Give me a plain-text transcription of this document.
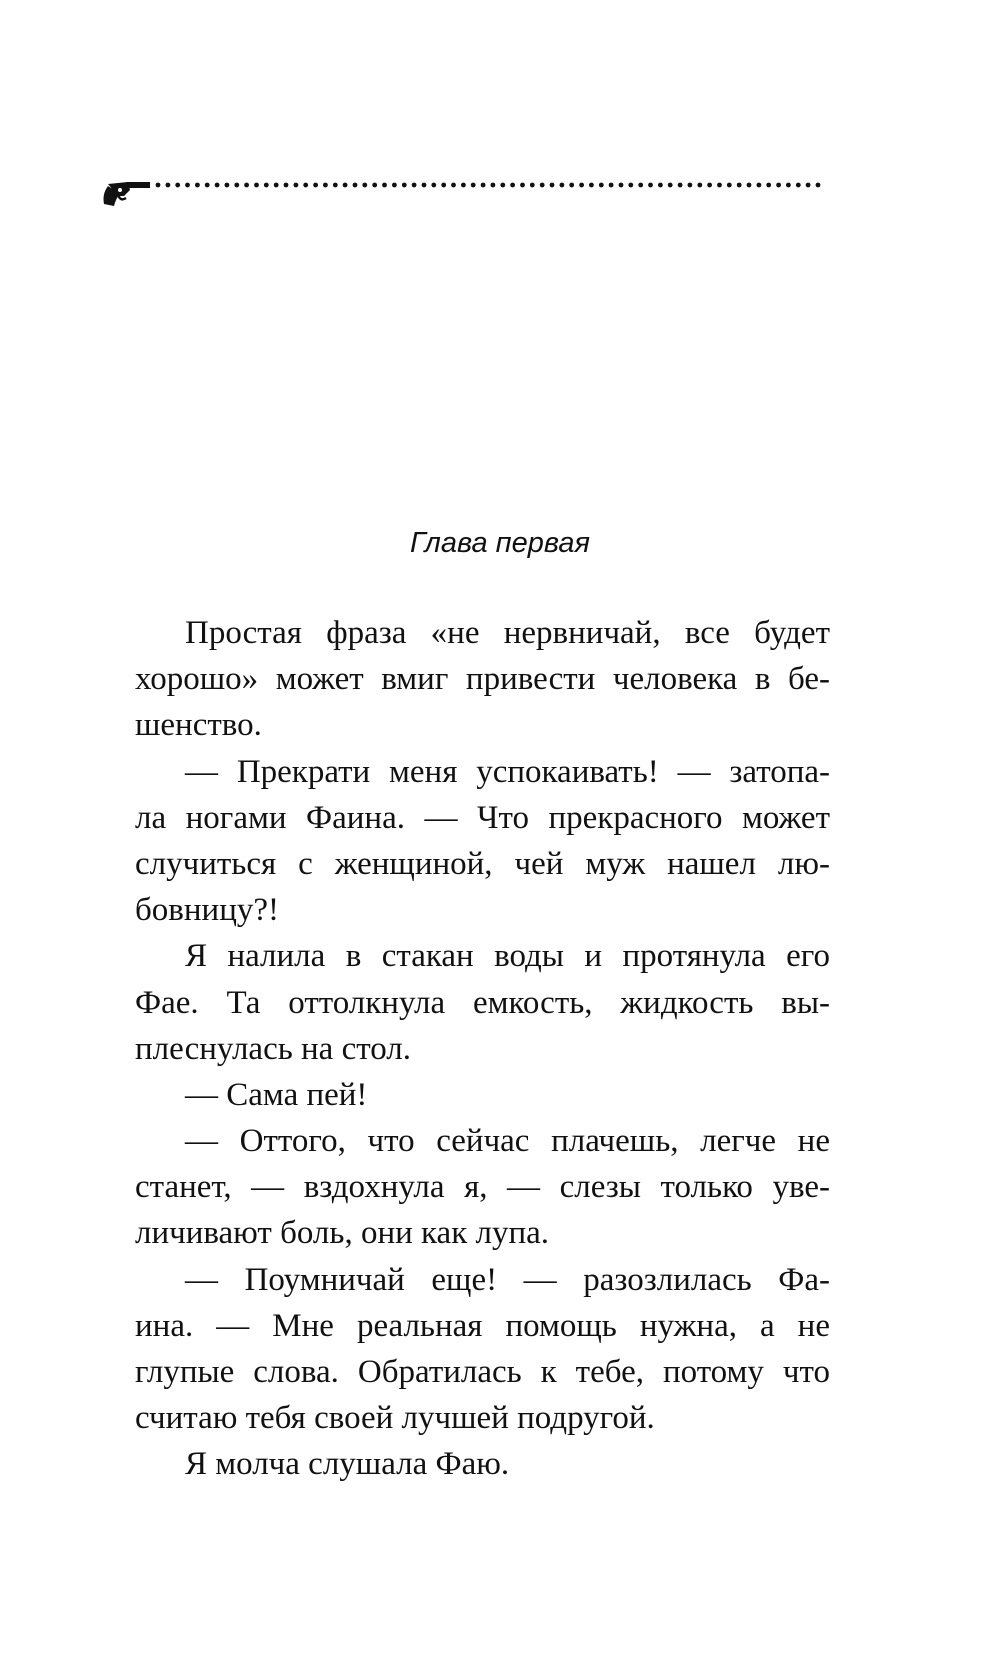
Глава первая
Простая фраза «не нервничай, все будет
хорошо» может вмиг привести человека в бе-
шенство.
— Прекрати меня успокаивать! — затопа-
ла ногами Фаина. — Что прекрасного может
случиться с женщиной, чей муж нашел лю-
бовницу?!
Я налила в стакан воды и протянула его
Фае. Та оттолкнула емкость, жидкость вы-
плеснулась на стол.
— Сама пей!
— Оттого, что сейчас плачешь, легче не
станет, — вздохнула я, — слезы только уве-
личивают боль, они как лупа.
— Поумничай еще! — разозлилась Фа-
ина. — Мне реальная помощь нужна, а не
глупые слова. Обратилась к тебе, потому что
считаю тебя своей лучшей подругой.
Я молча слушала Фаю.
